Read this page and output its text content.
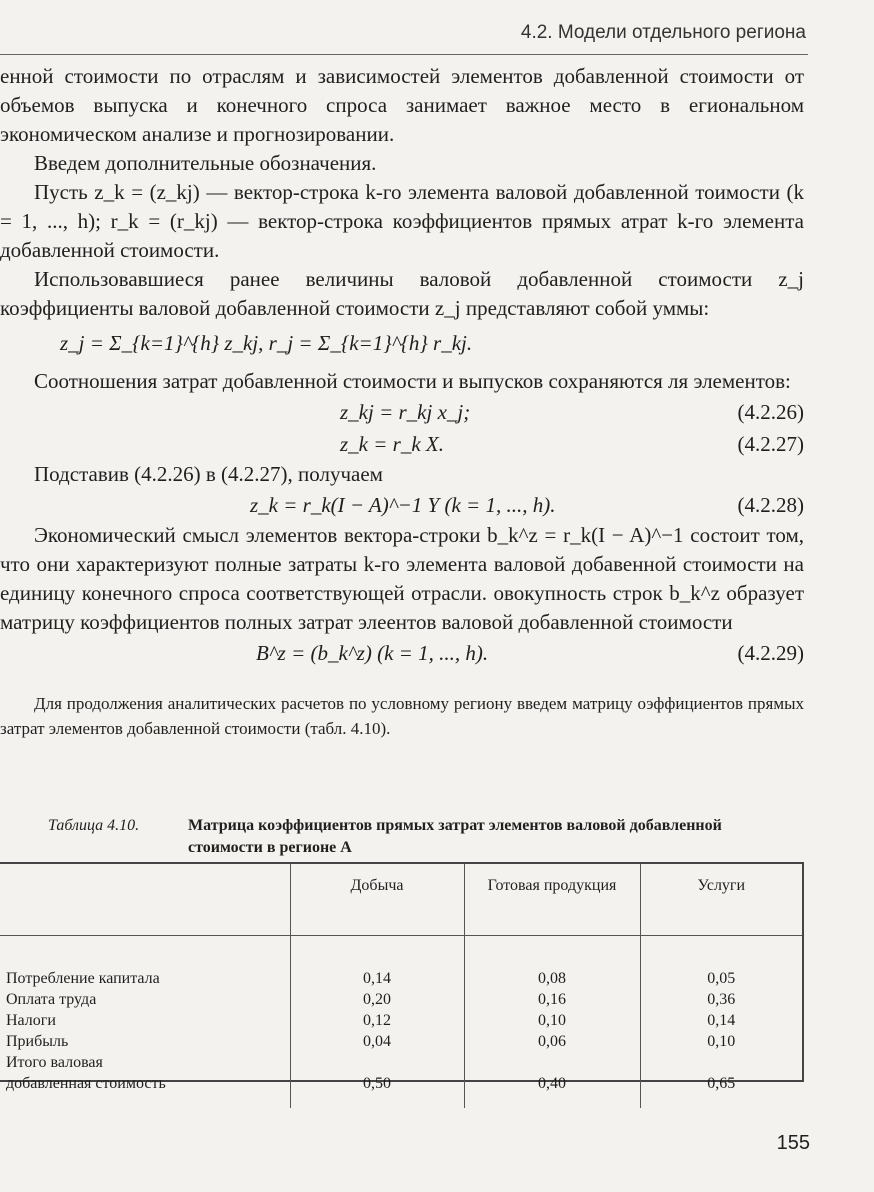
4.2. Модели отдельного региона

енной стоимости по отраслям и зависимостей элементов добавленной стоимости от объемов выпуска и конечного спроса занимает важное место в егиональном экономическом анализе и прогнозировании.

Введем дополнительные обозначения.

Пусть z_k = (z_kj) — вектор-строка k-го элемента валовой добавленной тоимости (k = 1, ..., h); r_k = (r_kj) — вектор-строка коэффициентов прямых атрат k-го элемента добавленной стоимости.

Использовавшиеся ранее величины валовой добавленной стоимости z_j коэффициенты валовой добавленной стоимости z_j представляют собой уммы:

z_j = Σ_{k=1}^{h} z_kj, r_j = Σ_{k=1}^{h} r_kj.

Соотношения затрат добавленной стоимости и выпусков сохраняются ля элементов:

z_kj = r_kj x_j;	(4.2.26)
z_k = r_k X.	(4.2.27)

Подставив (4.2.26) в (4.2.27), получаем

z_k = r_k(I − A)^−1 Y (k = 1, ..., h).	(4.2.28)

Экономический смысл элементов вектора-строки b_k^z = r_k(I − A)^−1 состоит том, что они характеризуют полные затраты k-го элемента валовой добавенной стоимости на единицу конечного спроса соответствующей отрасли. овокупность строк b_k^z образует матрицу коэффициентов полных затрат элеентов валовой добавленной стоимости

B^z = (b_k^z) (k = 1, ..., h).	(4.2.29)

Для продолжения аналитических расчетов по условному региону введем матрицу оэффициентов прямых затрат элементов добавленной стоимости (табл. 4.10).

Таблица 4.10.	Матрица коэффициентов прямых затрат элементов валовой добавленной стоимости в регионе A
	Добыча	Готовая продукция	Услуги

Потребление капитала	0,14	0,08	0,05
Оплата труда	0,20	0,16	0,36
Налоги	0,12	0,10	0,14
Прибыль	0,04	0,06	0,10
Итого валовая			
добавленная стоимость	0,50	0,40	0,65

155
